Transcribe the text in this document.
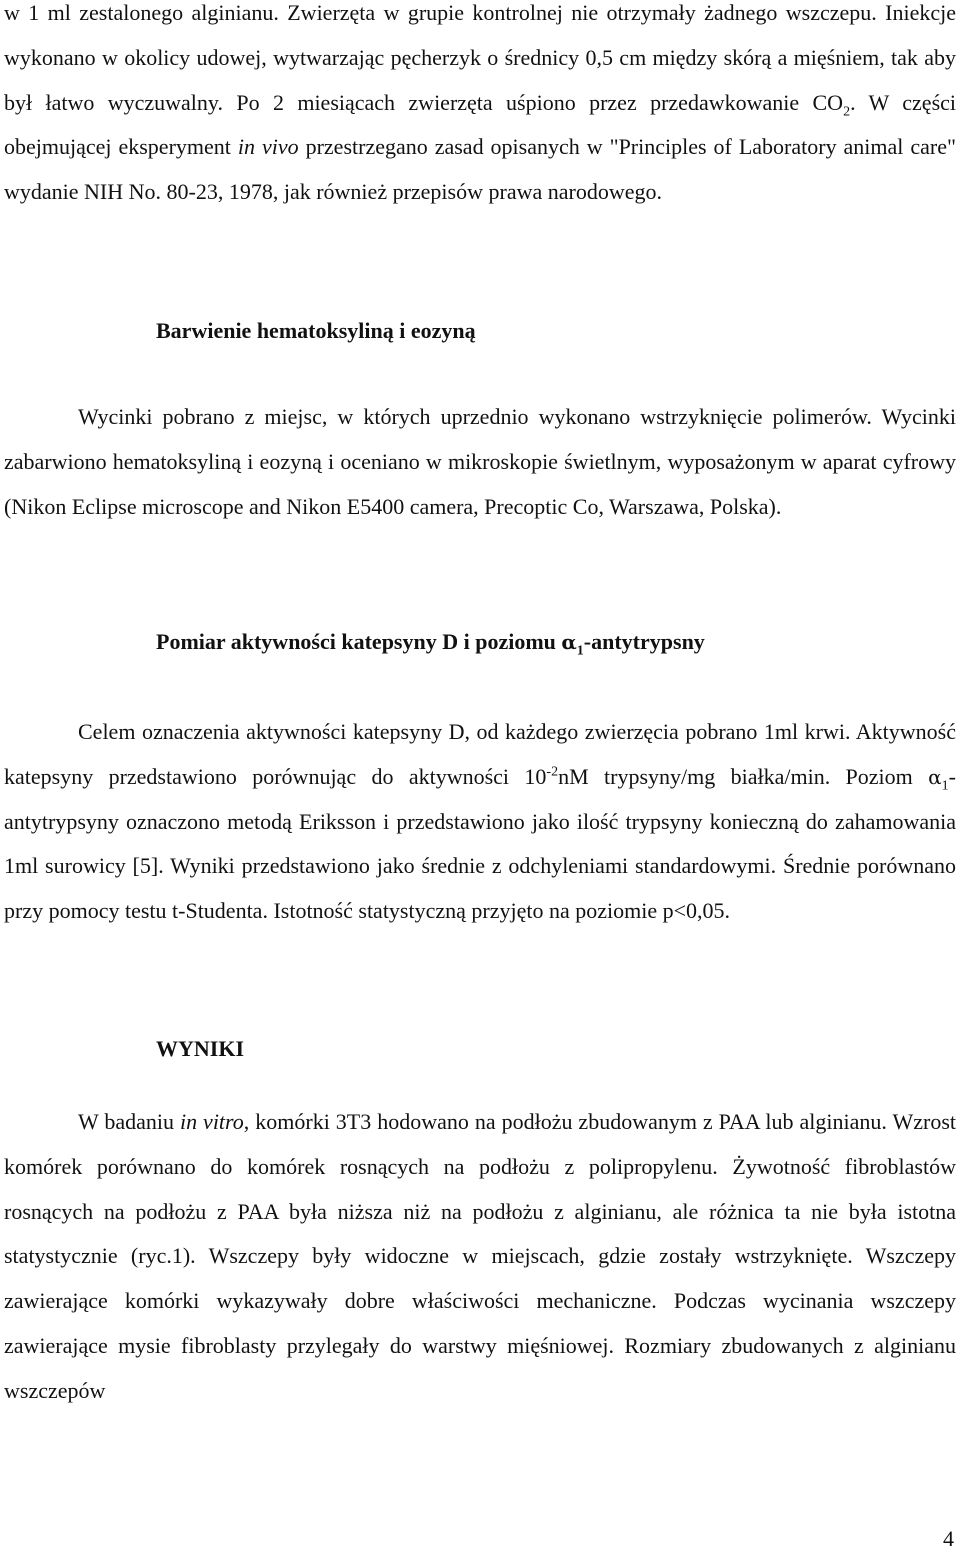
w 1 ml zestalonego alginianu. Zwierzęta w grupie kontrolnej nie otrzymały żadnego wszczepu. Iniekcje wykonano w okolicy udowej, wytwarzając pęcherzyk o średnicy 0,5 cm między skórą a mięśniem, tak aby był łatwo wyczuwalny. Po 2 miesiącach zwierzęta uśpiono przez przedawkowanie $CO_2$. W części obejmującej eksperyment in vivo przestrzegano zasad opisanych w "Principles of Laboratory animal care" wydanie NIH No. 80-23, 1978, jak również przepisów prawa narodowego.

Barwienie hematoksyliną i eozyną

Wycinki pobrano z miejsc, w których uprzednio wykonano wstrzyknięcie polimerów. Wycinki zabarwiono hematoksyliną i eozyną i oceniano w mikroskopie świetlnym, wyposażonym w aparat cyfrowy (Nikon Eclipse microscope and Nikon E5400 camera, Precoptic Co, Warszawa, Polska).

Pomiar aktywności katepsyny D i poziomu $\alpha_1$-antytrypsny

Celem oznaczenia aktywności katepsyny D, od każdego zwierzęcia pobrano 1ml krwi. Aktywność katepsyny przedstawiono porównując do aktywności $10^{-2}nM$ trypsyny/mg białka/min. Poziom $\alpha_1$-antytrypsyny oznaczono metodą Eriksson i przedstawiono jako ilość trypsyny konieczną do zahamowania 1ml surowicy [5]. Wyniki przedstawiono jako średnie z odchyleniami standardowymi. Średnie porównano przy pomocy testu t-Studenta. Istotność statystyczną przyjęto na poziomie p<0,05.

WYNIKI

W badaniu in vitro, komórki 3T3 hodowano na podłożu zbudowanym z PAA lub alginianu. Wzrost komórek porównano do komórek rosnących na podłożu z polipropylenu. Żywotność fibroblastów rosnących na podłożu z PAA była niższa niż na podłożu z alginianu, ale różnica ta nie była istotna statystycznie (ryc.1). Wszczepy były widoczne w miejscach, gdzie zostały wstrzyknięte. Wszczepy zawierające komórki wykazywały dobre właściwości mechaniczne. Podczas wycinania wszczepy zawierające mysie fibroblasty przylegały do warstwy mięśniowej. Rozmiary zbudowanych z alginianu wszczepów

4
